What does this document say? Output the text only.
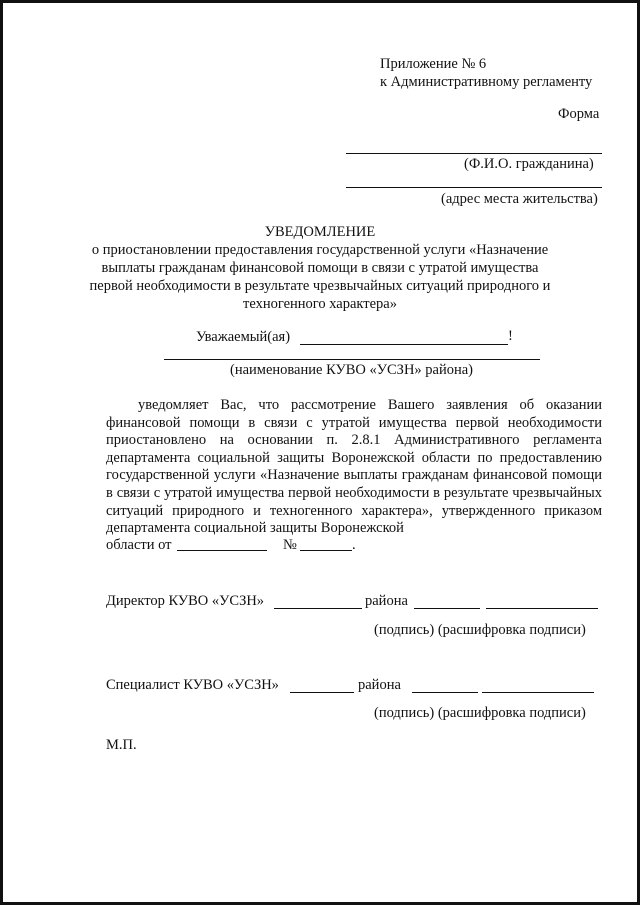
Приложение № 6
к Административному регламенту
Форма
(Ф.И.О. гражданина)
(адрес места жительства)
УВЕДОМЛЕНИЕ
о приостановлении предоставления государственной услуги «Назначение
выплаты гражданам финансовой помощи в связи с утратой имущества
первой необходимости в результате чрезвычайных ситуаций природного и
техногенного характера»
Уважаемый(ая)	!
(наименование КУВО «УСЗН» района)

уведомляет Вас, что рассмотрение Вашего заявления об оказании финансовой помощи в связи с утратой имущества первой необходимости приостановлено на основании п. 2.8.1 Административного регламента департамента социальной защиты Воронежской области по предоставлению государственной услуги «Назначение выплаты гражданам финансовой помощи в связи с утратой имущества первой необходимости в результате чрезвычайных ситуаций природного и техногенного характера», утвержденного приказом департамента социальной защиты Воронежской

области от	№	.
Директор КУВО «УСЗН»	района
(подпись) (расшифровка подписи)
Специалист КУВО «УСЗН»	района
(подпись) (расшифровка подписи)
М.П.
